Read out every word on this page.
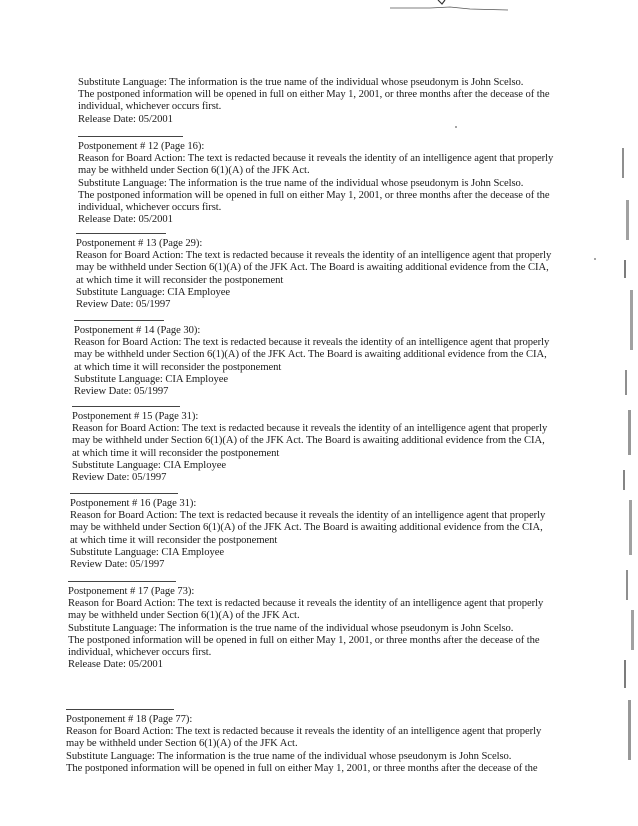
Substitute Language: The information is the true name of the individual whose pseudonym is John Scelso.
The postponed information will be opened in full on either May 1, 2001, or three months after the decease of the
individual, whichever occurs first.
Release Date: 05/2001
Postponement # 12 (Page 16):
Reason for Board Action: The text is redacted because it reveals the identity of an intelligence agent that properly
may be withheld under Section 6(1)(A) of the JFK Act.
Substitute Language: The information is the true name of the individual whose pseudonym is John Scelso.
The postponed information will be opened in full on either May 1, 2001, or three months after the decease of the
individual, whichever occurs first.
Release Date: 05/2001
Postponement # 13 (Page 29):
Reason for Board Action: The text is redacted because it reveals the identity of an intelligence agent that properly
may be withheld under Section 6(1)(A) of the JFK Act. The Board is awaiting additional evidence from the CIA,
at which time it will reconsider the postponement
Substitute Language: CIA Employee
Review Date: 05/1997
Postponement # 14 (Page 30):
Reason for Board Action: The text is redacted because it reveals the identity of an intelligence agent that properly
may be withheld under Section 6(1)(A) of the JFK Act. The Board is awaiting additional evidence from the CIA,
at which time it will reconsider the postponement
Substitute Language: CIA Employee
Review Date: 05/1997
Postponement # 15 (Page 31):
Reason for Board Action: The text is redacted because it reveals the identity of an intelligence agent that properly
may be withheld under Section 6(1)(A) of the JFK Act. The Board is awaiting additional evidence from the CIA,
at which time it will reconsider the postponement
Substitute Language: CIA Employee
Review Date: 05/1997
Postponement # 16 (Page 31):
Reason for Board Action: The text is redacted because it reveals the identity of an intelligence agent that properly
may be withheld under Section 6(1)(A) of the JFK Act. The Board is awaiting additional evidence from the CIA,
at which time it will reconsider the postponement
Substitute Language: CIA Employee
Review Date: 05/1997
Postponement # 17 (Page 73):
Reason for Board Action: The text is redacted because it reveals the identity of an intelligence agent that properly
may be withheld under Section 6(1)(A) of the JFK Act.
Substitute Language: The information is the true name of the individual whose pseudonym is John Scelso.
The postponed information will be opened in full on either May 1, 2001, or three months after the decease of the
individual, whichever occurs first.
Release Date: 05/2001
Postponement # 18 (Page 77):
Reason for Board Action: The text is redacted because it reveals the identity of an intelligence agent that properly
may be withheld under Section 6(1)(A) of the JFK Act.
Substitute Language: The information is the true name of the individual whose pseudonym is John Scelso.
The postponed information will be opened in full on either May 1, 2001, or three months after the decease of the
